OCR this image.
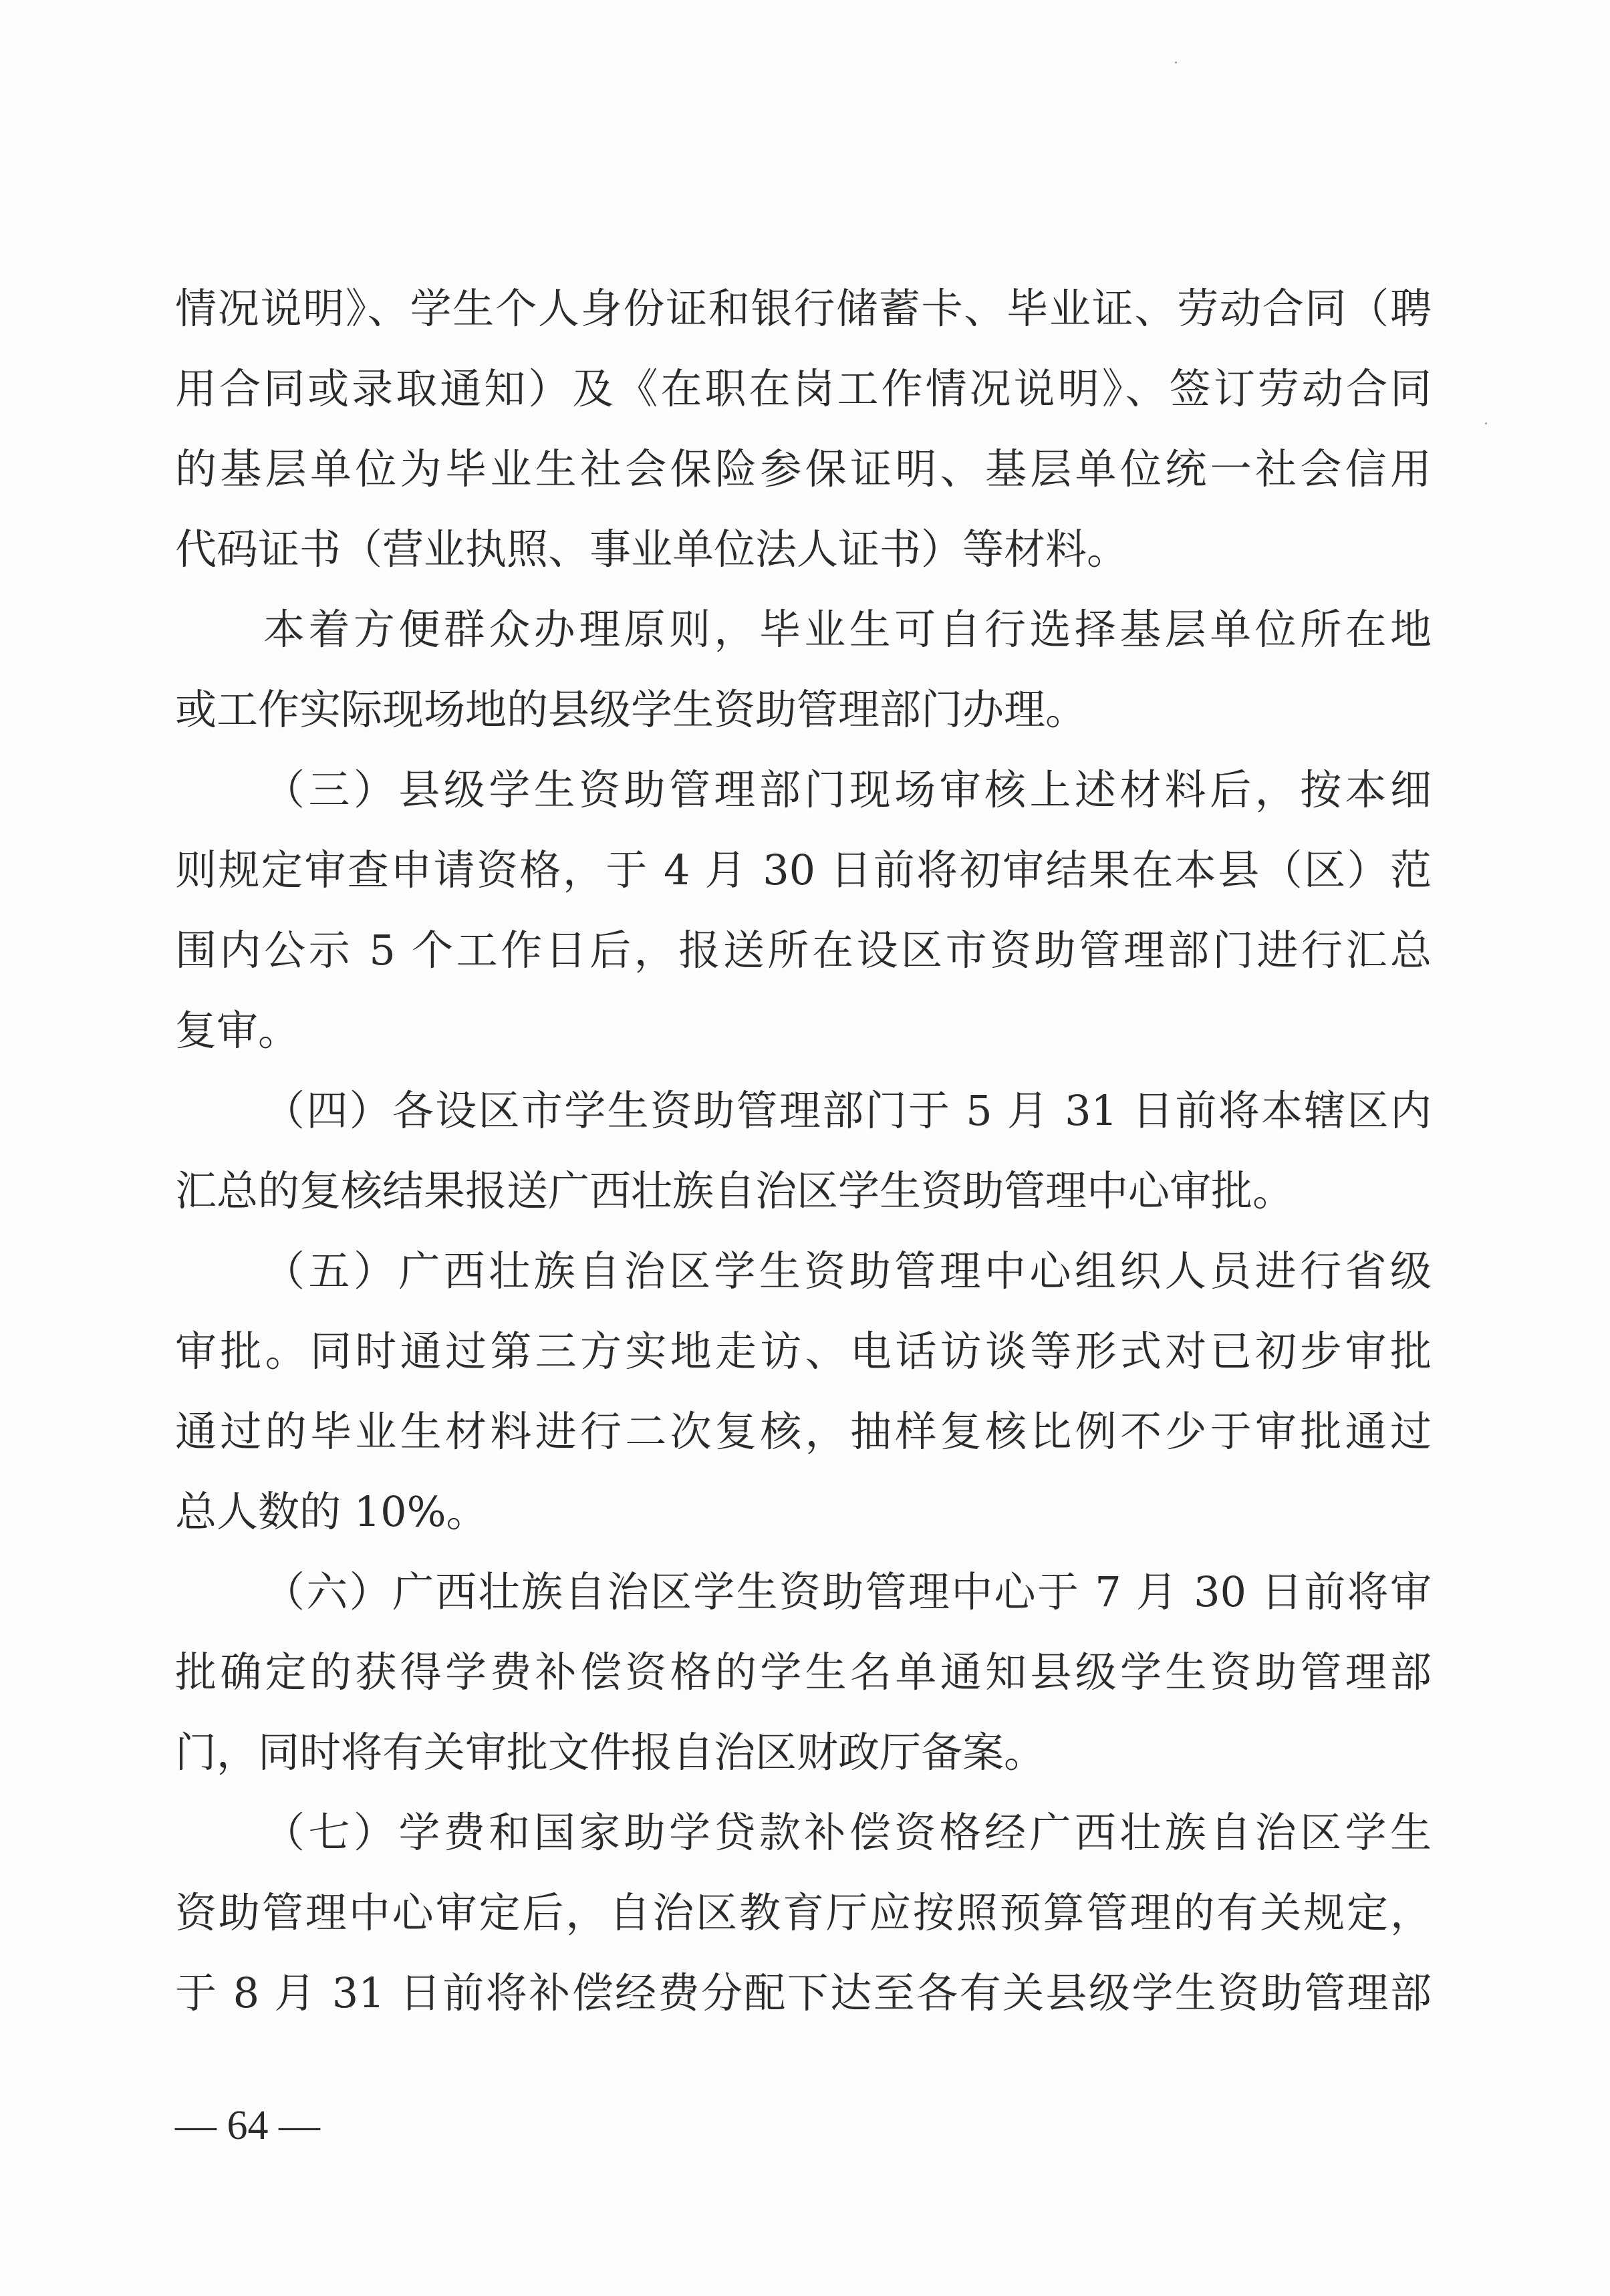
情况说明》、学生个人身份证和银行储蓄卡、毕业证、劳动合同（聘
用合同或录取通知）及《在职在岗工作情况说明》、签订劳动合同
的基层单位为毕业生社会保险参保证明、基层单位统一社会信用
代码证书（营业执照、事业单位法人证书）等材料。
本着方便群众办理原则，毕业生可自行选择基层单位所在地
或工作实际现场地的县级学生资助管理部门办理。
（三）县级学生资助管理部门现场审核上述材料后，按本细
则规定审查申请资格，于 4 月 30 日前将初审结果在本县（区）范
围内公示 5 个工作日后，报送所在设区市资助管理部门进行汇总
复审。
（四）各设区市学生资助管理部门于 5 月 31 日前将本辖区内
汇总的复核结果报送广西壮族自治区学生资助管理中心审批。
（五）广西壮族自治区学生资助管理中心组织人员进行省级
审批。同时通过第三方实地走访、电话访谈等形式对已初步审批
通过的毕业生材料进行二次复核，抽样复核比例不少于审批通过
总人数的 10%。
（六）广西壮族自治区学生资助管理中心于 7 月 30 日前将审
批确定的获得学费补偿资格的学生名单通知县级学生资助管理部
门，同时将有关审批文件报自治区财政厅备案。
（七）学费和国家助学贷款补偿资格经广西壮族自治区学生
资助管理中心审定后，自治区教育厅应按照预算管理的有关规定，
于 8 月 31 日前将补偿经费分配下达至各有关县级学生资助管理部
— 64 —
